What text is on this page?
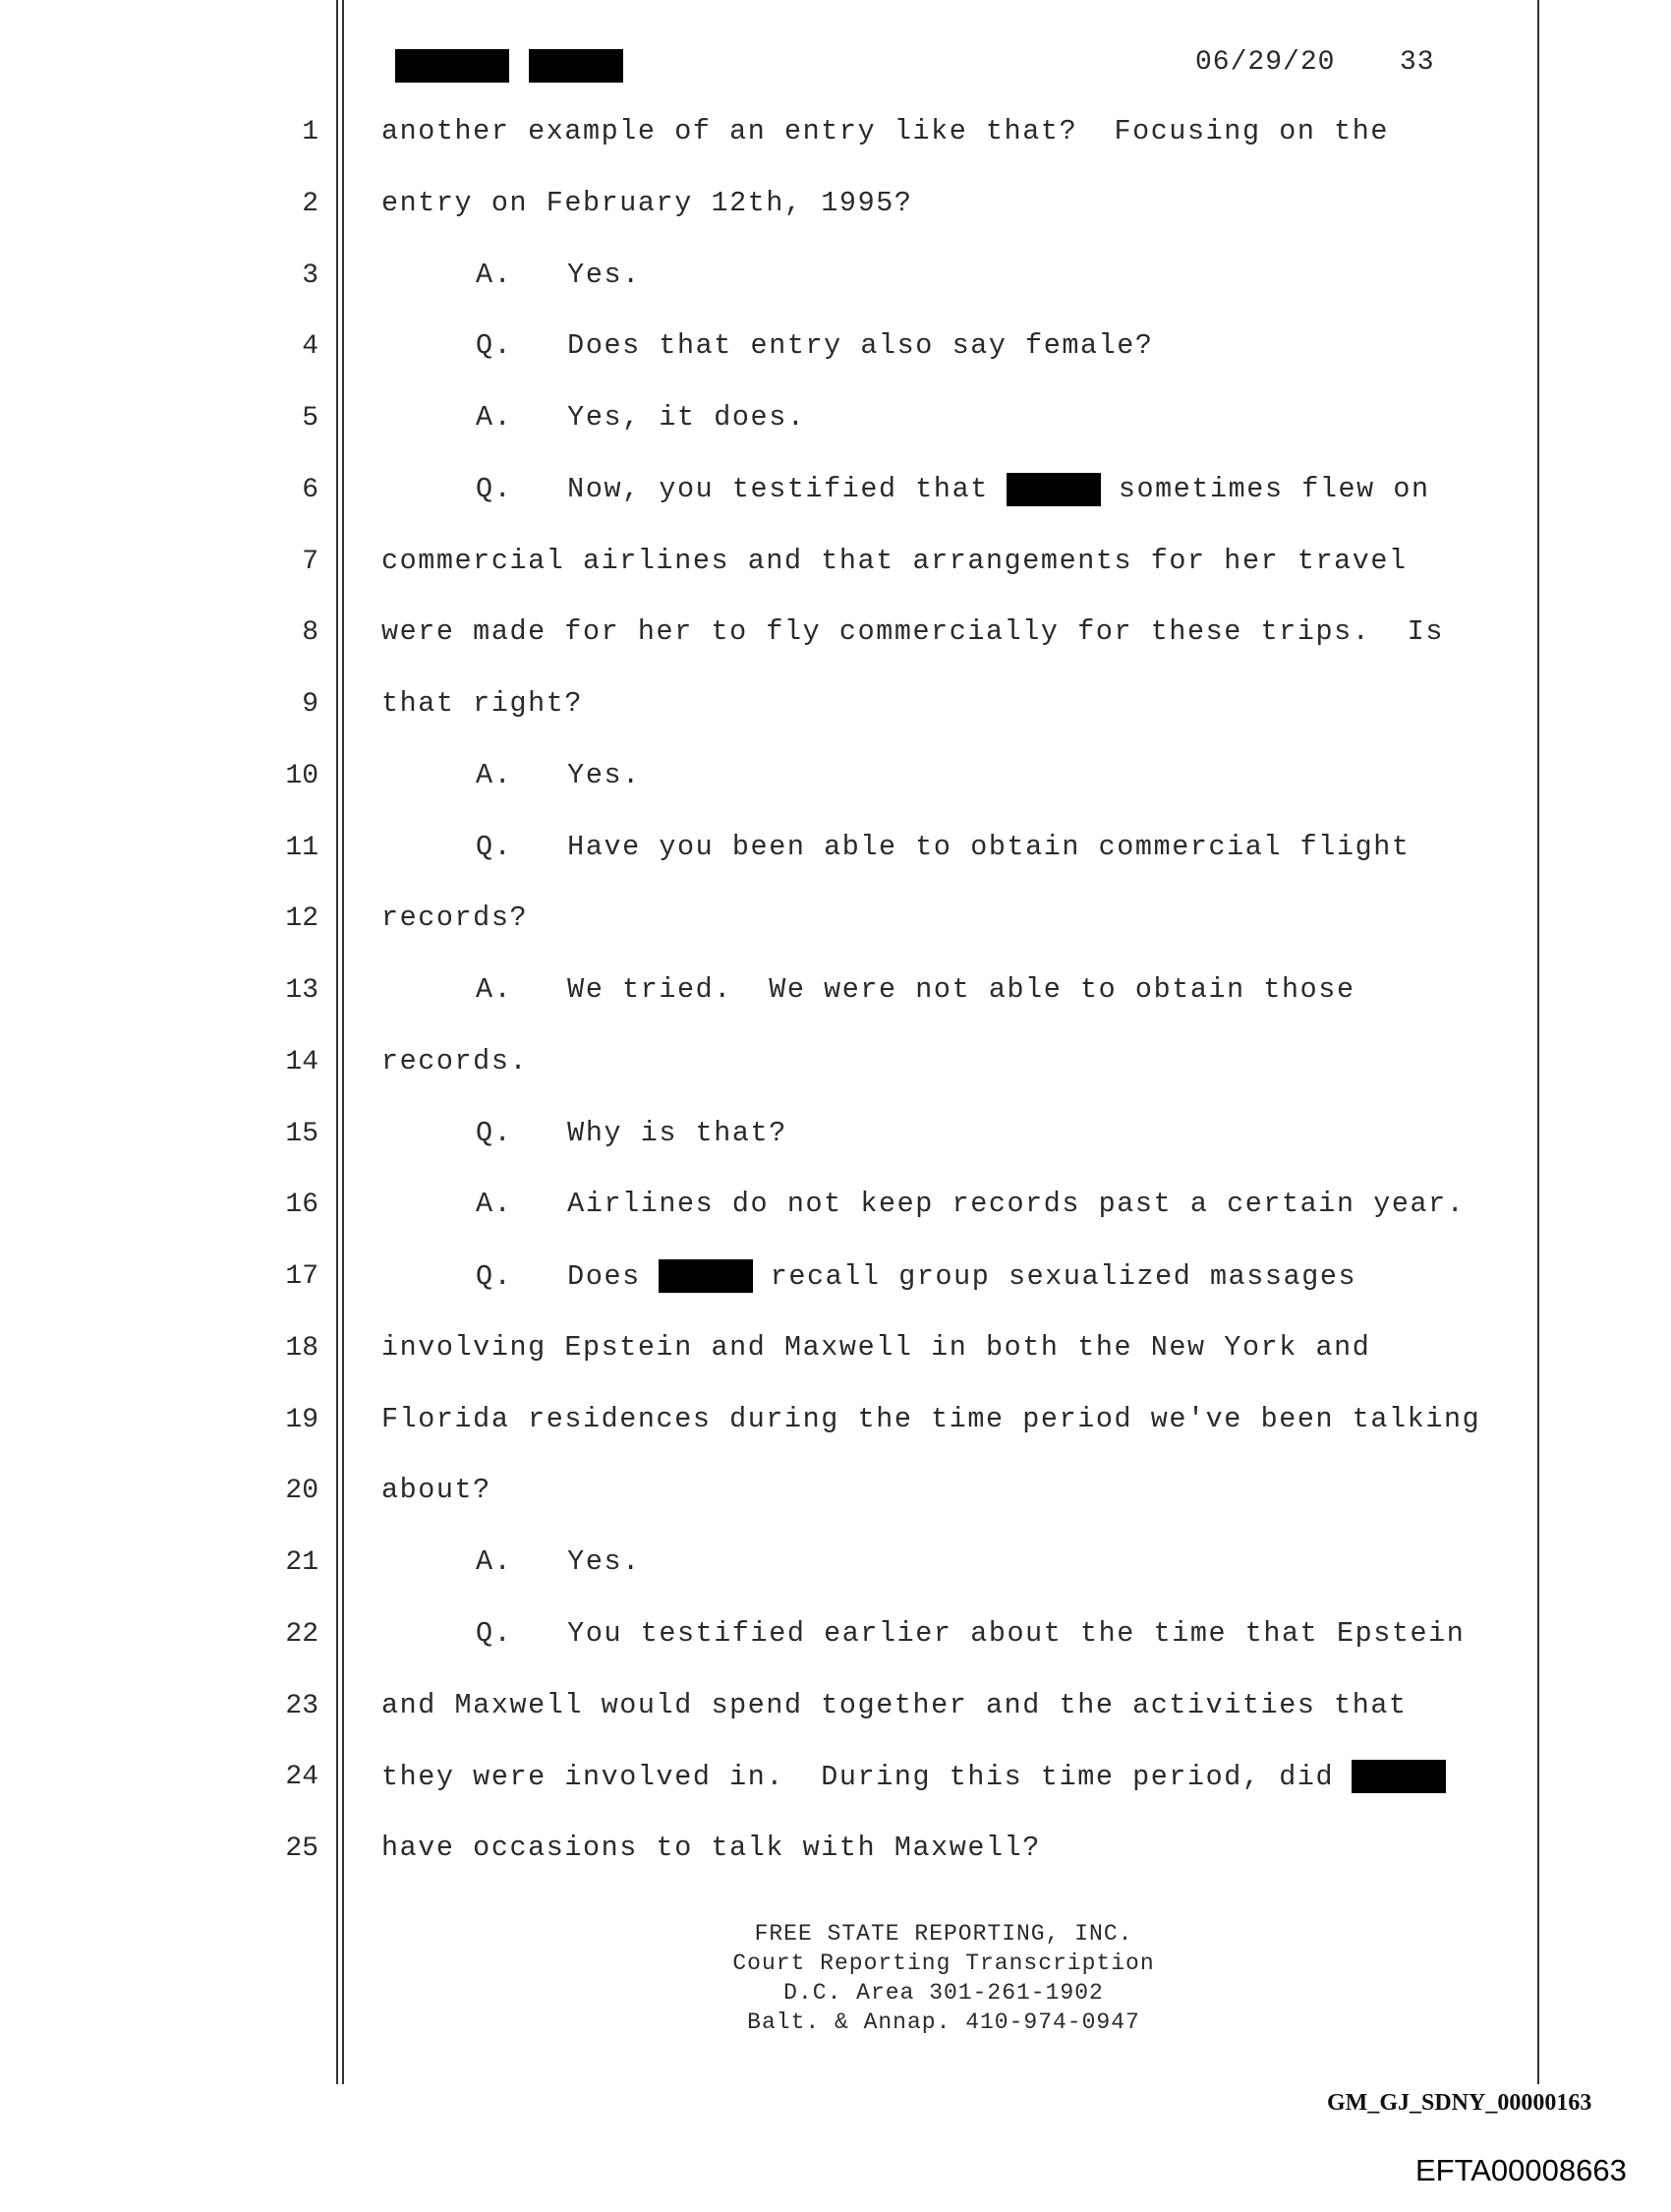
06/29/20 33
1 another example of an entry like that?  Focusing on the
2 entry on February 12th, 1995?
3	A.   Yes.
4	Q.   Does that entry also say female?
5	A.   Yes, it does.
6	Q.   Now, you testified that	sometimes flew on
7 commercial airlines and that arrangements for her travel
8 were made for her to fly commercially for these trips.  Is
9 that right?
10	A.   Yes.
11	Q.   Have you been able to obtain commercial flight
12 records?
13	A.   We tried.  We were not able to obtain those
14 records.
15	Q.   Why is that?
16	A.   Airlines do not keep records past a certain year.
17	Q.   Does	recall group sexualized massages
18 involving Epstein and Maxwell in both the New York and
19 Florida residences during the time period we've been talking
20 about?
21	A.   Yes.
22	Q.   You testified earlier about the time that Epstein
23 and Maxwell would spend together and the activities that
24 they were involved in.  During this time period, did
25 have occasions to talk with Maxwell?
FREE STATE REPORTING, INC.
Court Reporting Transcription
D.C. Area 301-261-1902
Balt. & Annap. 410-974-0947
GM_GJ_SDNY_00000163
EFTA00008663
